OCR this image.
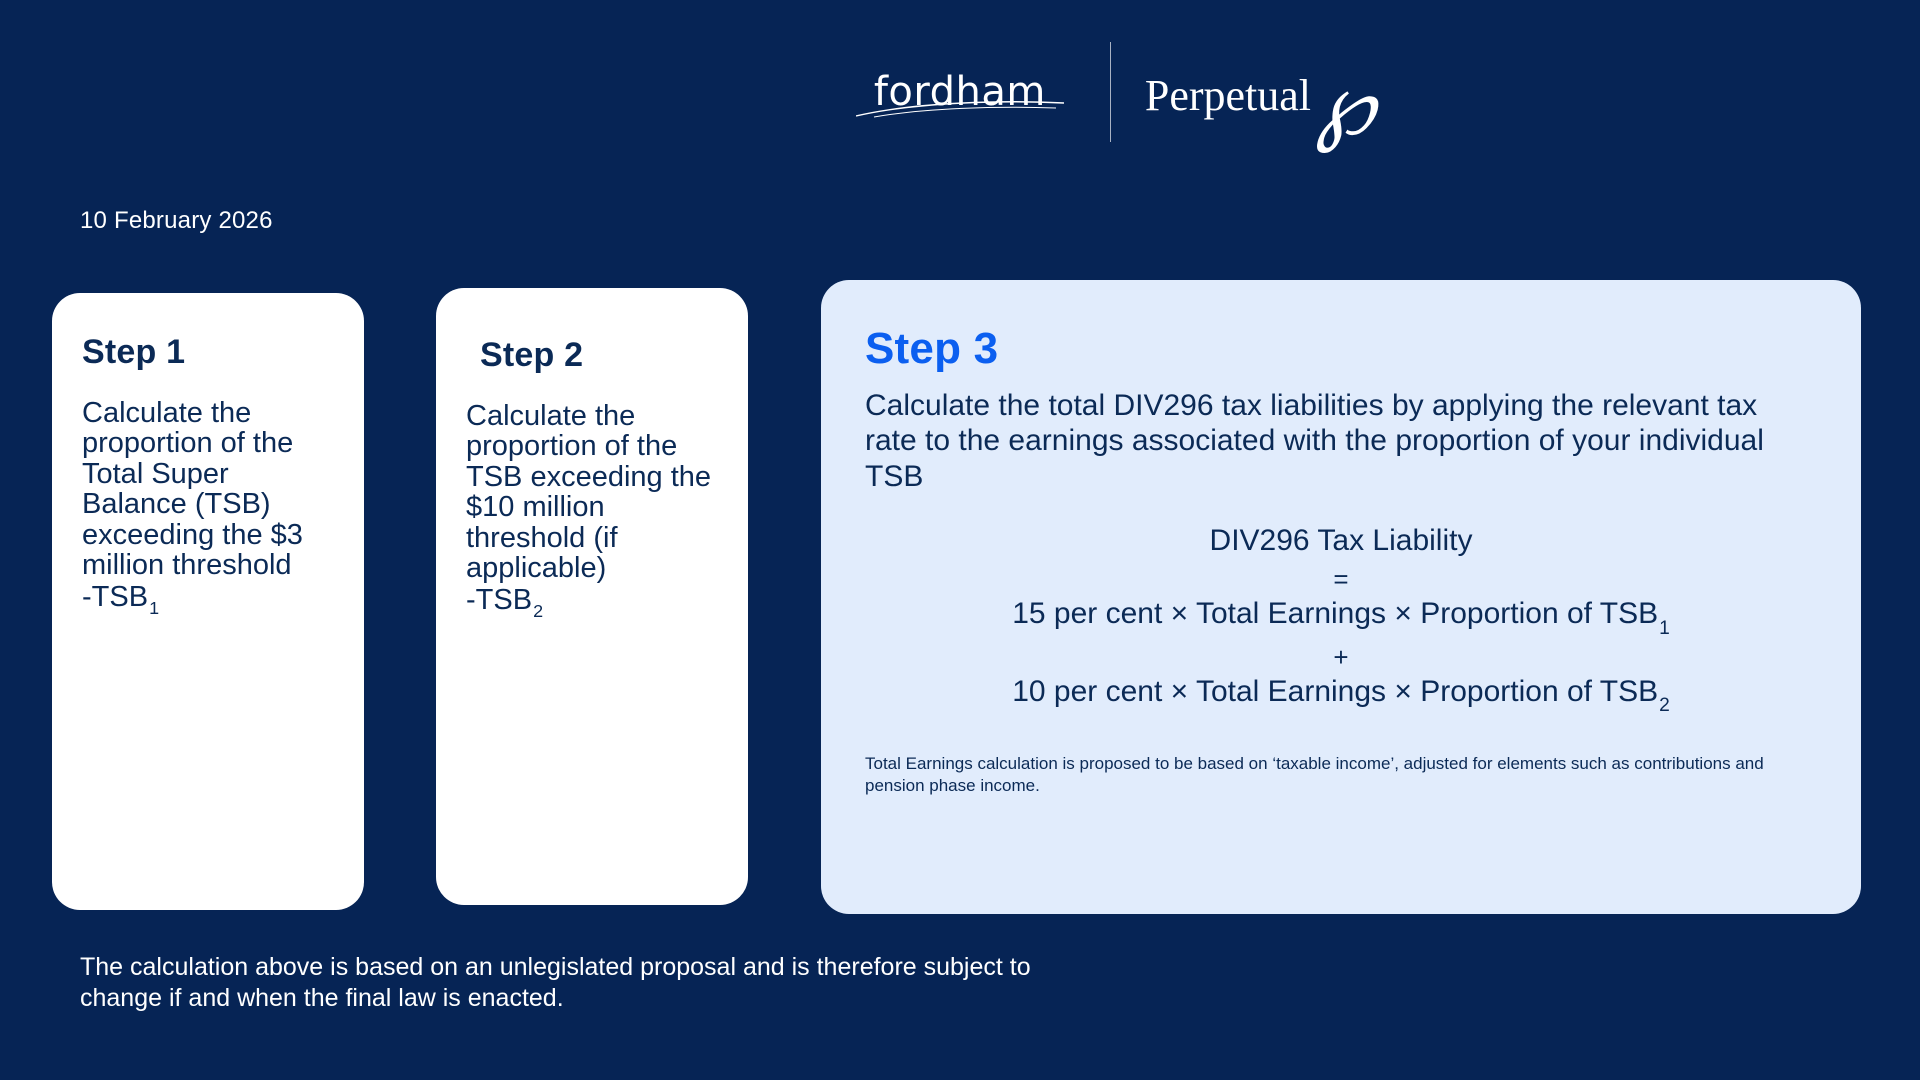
fordham	Perpetual ℘
10 February 2026
Step 1
Calculate the proportion of the Total Super Balance (TSB) exceeding the $3 million threshold
$-TSB_1$
Step 2
Calculate the proportion of the TSB exceeding the $10 million threshold (if applicable)
$-TSB_2$
Step 3
Calculate the total DIV296 tax liabilities by applying the relevant tax rate to the earnings associated with the proportion of your individual TSB
DIV296 Tax Liability
=
15 per cent × Total Earnings × Proportion of $TSB_1$
+
10 per cent × Total Earnings × Proportion of $TSB_2$
Total Earnings calculation is proposed to be based on ‘taxable income’, adjusted for elements such as contributions and pension phase income.
The calculation above is based on an unlegislated proposal and is therefore subject to change if and when the final law is enacted.
